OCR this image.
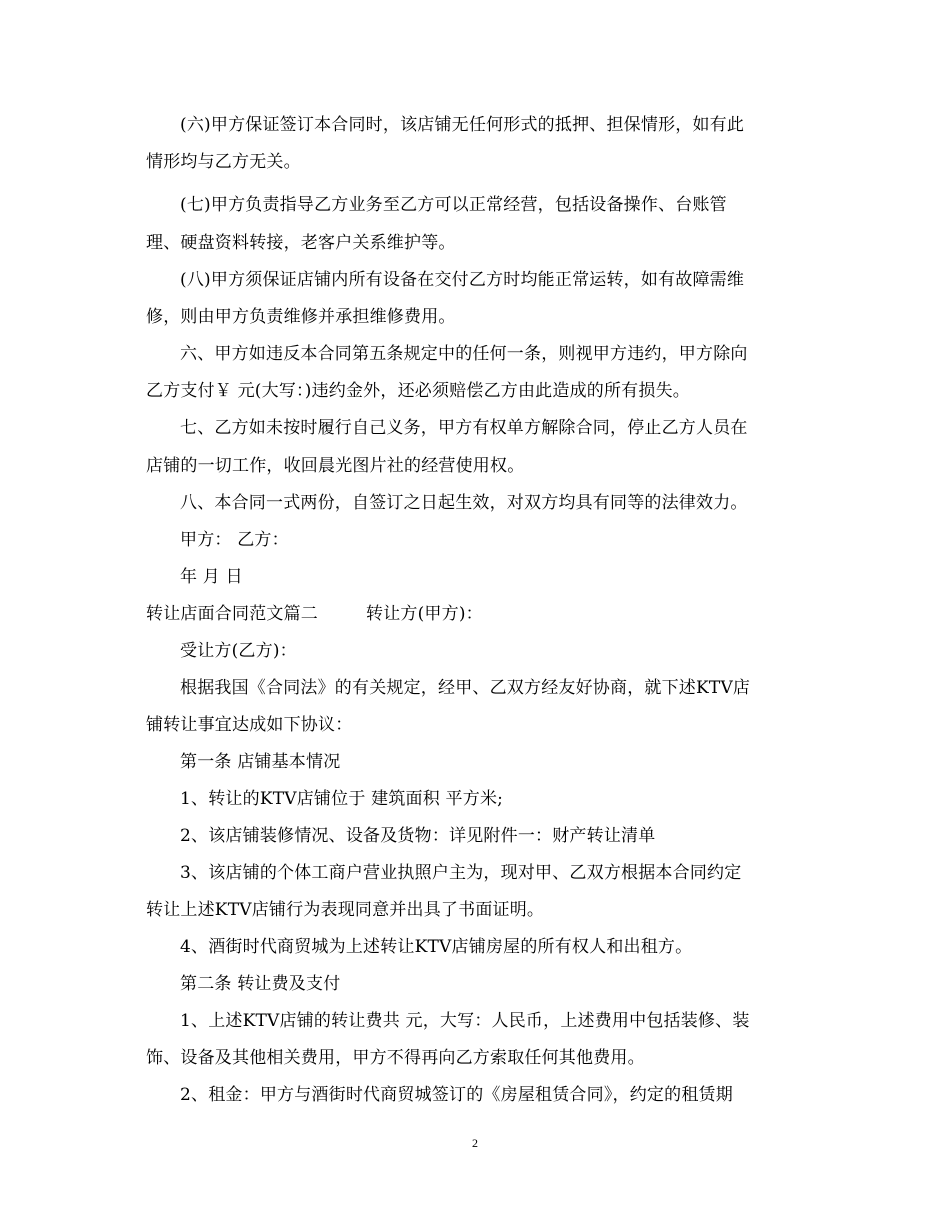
(六)甲方保证签订本合同时，该店铺无任何形式的抵押、担保情形，如有此
情形均与乙方无关。
(七)甲方负责指导乙方业务至乙方可以正常经营，包括设备操作、台账管
理、硬盘资料转接，老客户关系维护等。
(八)甲方须保证店铺内所有设备在交付乙方时均能正常运转，如有故障需维
修，则由甲方负责维修并承担维修费用。
六、甲方如违反本合同第五条规定中的任何一条，则视甲方违约，甲方除向
乙方支付￥ 元(大写：)违约金外，还必须赔偿乙方由此造成的所有损失。
七、乙方如未按时履行自己义务，甲方有权单方解除合同，停止乙方人员在
店铺的一切工作，收回晨光图片社的经营使用权。
八、本合同一式两份，自签订之日起生效，对双方均具有同等的法律效力。
甲方： 乙方：
年 月 日
转让店面合同范文篇二	转让方(甲方)：
受让方(乙方)：
根据我国《合同法》的有关规定，经甲、乙双方经友好协商，就下述KTV店
铺转让事宜达成如下协议：
第一条 店铺基本情况
1、转让的KTV店铺位于 建筑面积 平方米;
2、该店铺装修情况、设备及货物：详见附件一：财产转让清单
3、该店铺的个体工商户营业执照户主为，现对甲、乙双方根据本合同约定
转让上述KTV店铺行为表现同意并出具了书面证明。
4、酒街时代商贸城为上述转让KTV店铺房屋的所有权人和出租方。
第二条 转让费及支付
1、上述KTV店铺的转让费共 元，大写：人民币，上述费用中包括装修、装
饰、设备及其他相关费用，甲方不得再向乙方索取任何其他费用。
2、租金：甲方与酒街时代商贸城签订的《房屋租赁合同》，约定的租赁期
2
